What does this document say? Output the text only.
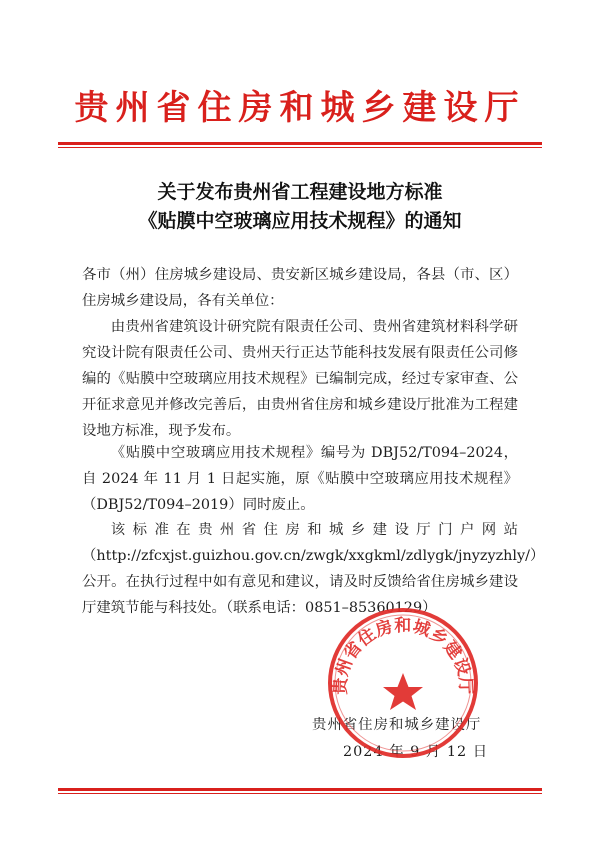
贵州省住房和城乡建设厅
关于发布贵州省工程建设地方标准
《贴膜中空玻璃应用技术规程》的通知
各市（州）住房城乡建设局、贵安新区城乡建设局，各县（市、区）住房城乡建设局，各有关单位：
由贵州省建筑设计研究院有限责任公司、贵州省建筑材料科学研究设计院有限责任公司、贵州天行正达节能科技发展有限责任公司修编的《贴膜中空玻璃应用技术规程》已编制完成，经过专家审查、公开征求意见并修改完善后，由贵州省住房和城乡建设厅批准为工程建设地方标准，现予发布。
《贴膜中空玻璃应用技术规程》编号为 DBJ52/T094–2024，自 2024 年 11 月 1 日起实施，原《贴膜中空玻璃应用技术规程》（DBJ52/T094–2019）同时废止。
该标准在贵州省住房和城乡建设厅门户网站（http://zfcxjst.guizhou.gov.cn/zwgk/xxgkml/zdlygk/jnyzyzhly/）公开。在执行过程中如有意见和建议，请及时反馈给省住房城乡建设厅建筑节能与科技处。（联系电话：0851–85360129）
贵州省住房和城乡建设厅
2024 年 9 月 12 日
贵州省住房和城乡建设厅
